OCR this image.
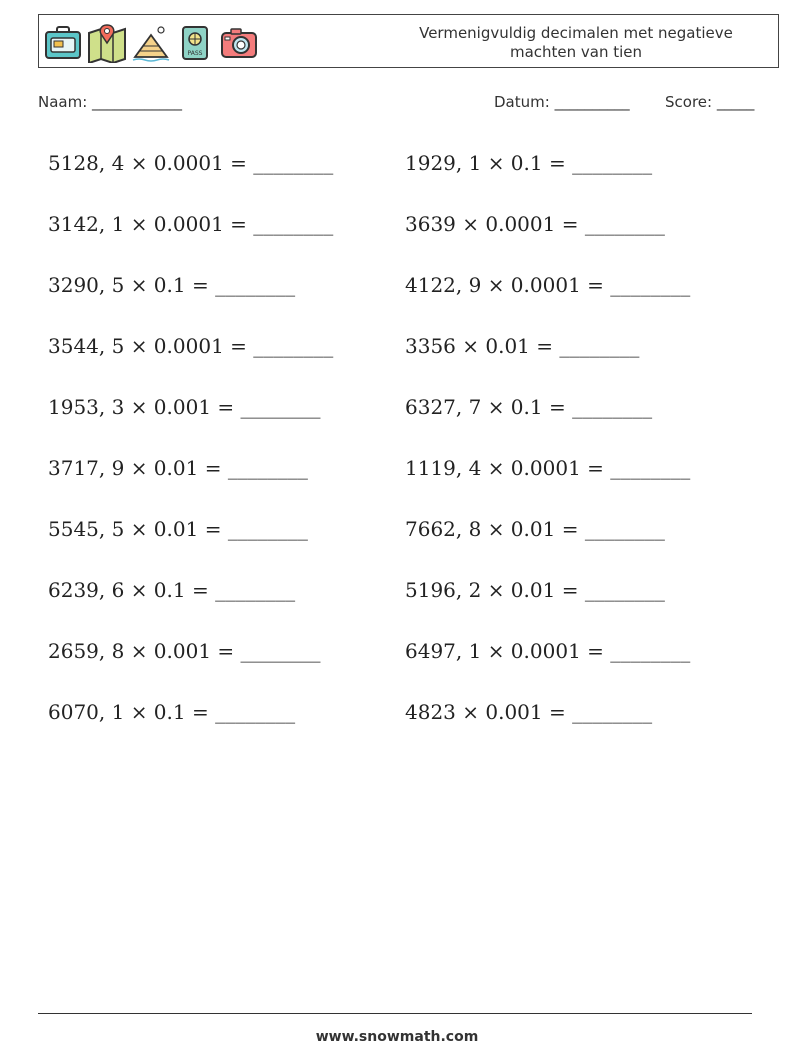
PASS
Vermenigvuldig decimalen met negatieve
machten van tien
Naam: ____________	Datum: __________ Score: _____
5128, 4 × 0.0001 = ________
3142, 1 × 0.0001 = ________
3290, 5 × 0.1 = ________
3544, 5 × 0.0001 = ________
1953, 3 × 0.001 = ________
3717, 9 × 0.01 = ________
5545, 5 × 0.01 = ________
6239, 6 × 0.1 = ________
2659, 8 × 0.001 = ________
6070, 1 × 0.1 = ________
1929, 1 × 0.1 = ________
3639 × 0.0001 = ________
4122, 9 × 0.0001 = ________
3356 × 0.01 = ________
6327, 7 × 0.1 = ________
1119, 4 × 0.0001 = ________
7662, 8 × 0.01 = ________
5196, 2 × 0.01 = ________
6497, 1 × 0.0001 = ________
4823 × 0.001 = ________
www.snowmath.com
